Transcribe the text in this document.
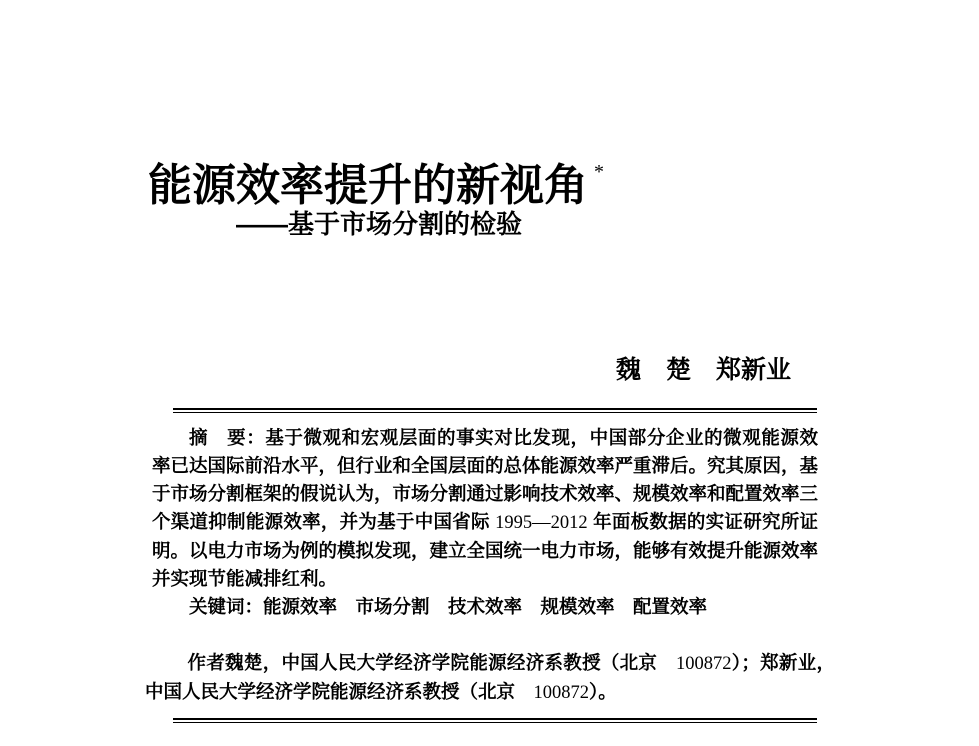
能源效率提升的新视角 *
——基于市场分割的检验
魏　楚　郑新业

摘　要：基于微观和宏观层面的事实对比发现，中国部分企业的微观能源效率已达国际前沿水平，但行业和全国层面的总体能源效率严重滞后。究其原因，基于市场分割框架的假说认为，市场分割通过影响技术效率、规模效率和配置效率三个渠道抑制能源效率，并为基于中国省际 1995—2012 年面板数据的实证研究所证明。以电力市场为例的模拟发现，建立全国统一电力市场，能够有效提升能源效率并实现节能减排红利。

关键词：能源效率　市场分割　技术效率　规模效率　配置效率

作者魏楚，中国人民大学经济学院能源经济系教授（北京　100872）；郑新业，中国人民大学经济学院能源经济系教授（北京　100872）。
